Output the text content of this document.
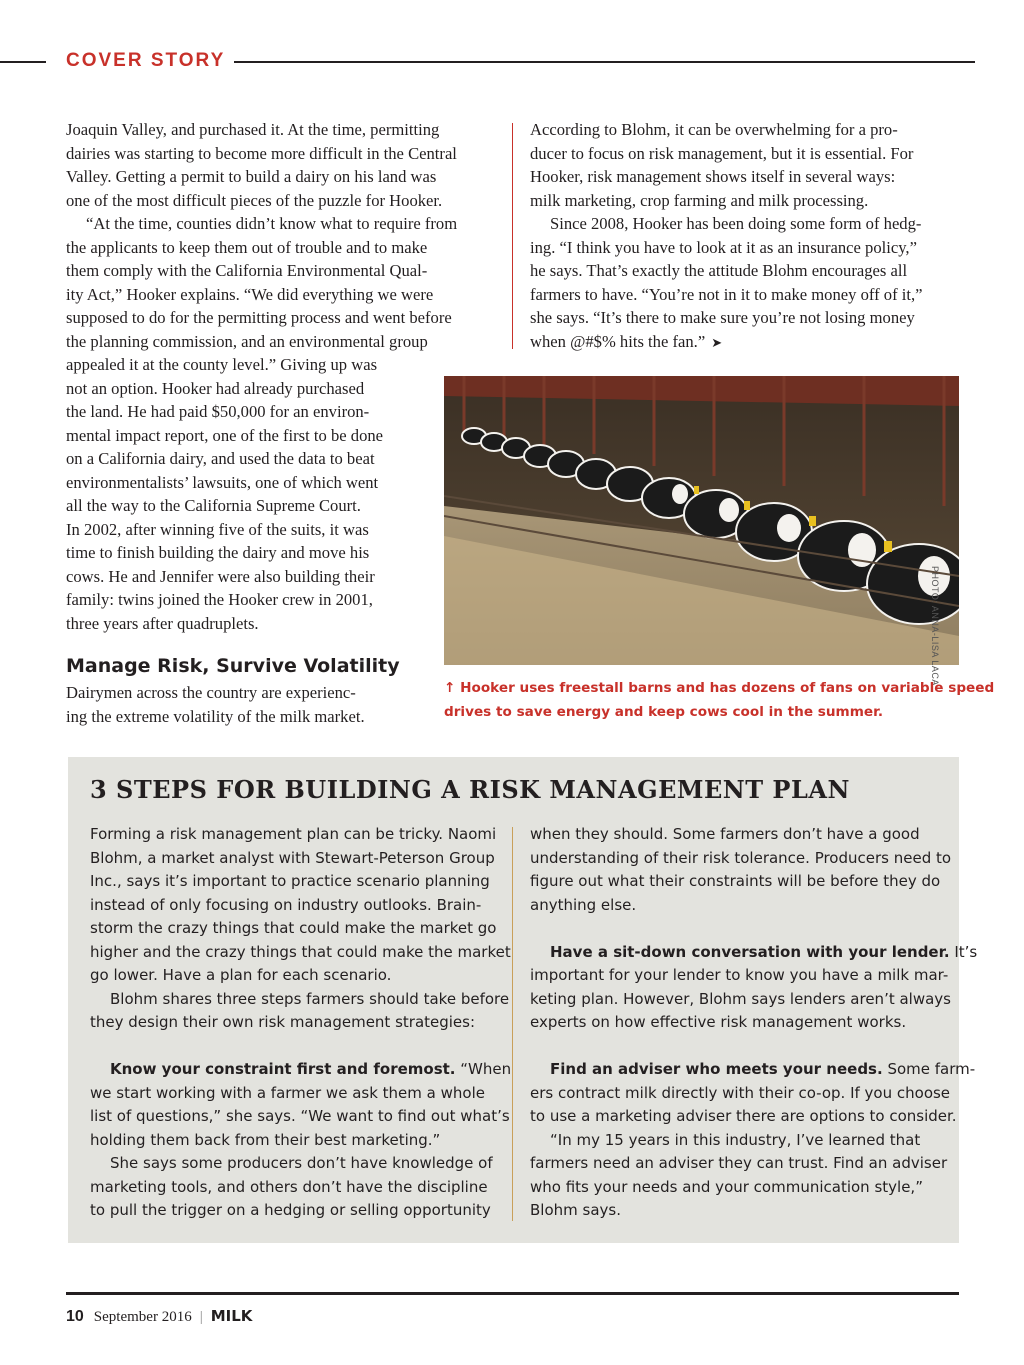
COVER STORY
Joaquin Valley, and purchased it. At the time, permitting
dairies was starting to become more difficult in the Central
Valley. Getting a permit to build a dairy on his land was
one of the most difficult pieces of the puzzle for Hooker.
“At the time, counties didn’t know what to require from
the applicants to keep them out of trouble and to make
them comply with the California Environmental Qual-
ity Act,” Hooker explains. “We did everything we were
supposed to do for the permitting process and went before
the planning commission, and an environmental group
appealed it at the county level.” Giving up was
not an option. Hooker had already purchased
the land. He had paid $50,000 for an environ-
mental impact report, one of the first to be done
on a California dairy, and used the data to beat
environmentalists’ lawsuits, one of which went
all the way to the California Supreme Court.
In 2002, after winning five of the suits, it was
time to finish building the dairy and move his
cows. He and Jennifer were also building their
family: twins joined the Hooker crew in 2001,
three years after quadruplets.
According to Blohm, it can be overwhelming for a pro-
ducer to focus on risk management, but it is essential. For
Hooker, risk management shows itself in several ways:
milk marketing, crop farming and milk processing.
Since 2008, Hooker has been doing some form of hedg-
ing. “I think you have to look at it as an insurance policy,”
he says. That’s exactly the attitude Blohm encourages all
farmers to have. “You’re not in it to make money off of it,”
she says. “It’s there to make sure you’re not losing money
when @#$% hits the fan.” ➤
PHOTO: ANNA-LISA LACA
↑ Hooker uses freestall barns and has dozens of fans on variable speed
drives to save energy and keep cows cool in the summer.
Manage Risk, Survive Volatility
Dairymen across the country are experienc-
ing the extreme volatility of the milk market.
3 STEPS FOR BUILDING A RISK MANAGEMENT PLAN
Forming a risk management plan can be tricky. Naomi
Blohm, a market analyst with Stewart-Peterson Group
Inc., says it’s important to practice scenario planning
instead of only focusing on industry outlooks. Brain-
storm the crazy things that could make the market go
higher and the crazy things that could make the market
go lower. Have a plan for each scenario.
Blohm shares three steps farmers should take before
they design their own risk management strategies:
Know your constraint first and foremost. “When
we start working with a farmer we ask them a whole
list of questions,” she says. “We want to find out what’s
holding them back from their best marketing.”
She says some producers don’t have knowledge of
marketing tools, and others don’t have the discipline
to pull the trigger on a hedging or selling opportunity
when they should. Some farmers don’t have a good
understanding of their risk tolerance. Producers need to
figure out what their constraints will be before they do
anything else.
Have a sit-down conversation with your lender. It’s
important for your lender to know you have a milk mar-
keting plan. However, Blohm says lenders aren’t always
experts on how effective risk management works.
Find an adviser who meets your needs. Some farm-
ers contract milk directly with their co-op. If you choose
to use a marketing adviser there are options to consider.
“In my 15 years in this industry, I’ve learned that
farmers need an adviser they can trust. Find an adviser
who fits your needs and your communication style,”
Blohm says.
10 September 2016 | MILK
